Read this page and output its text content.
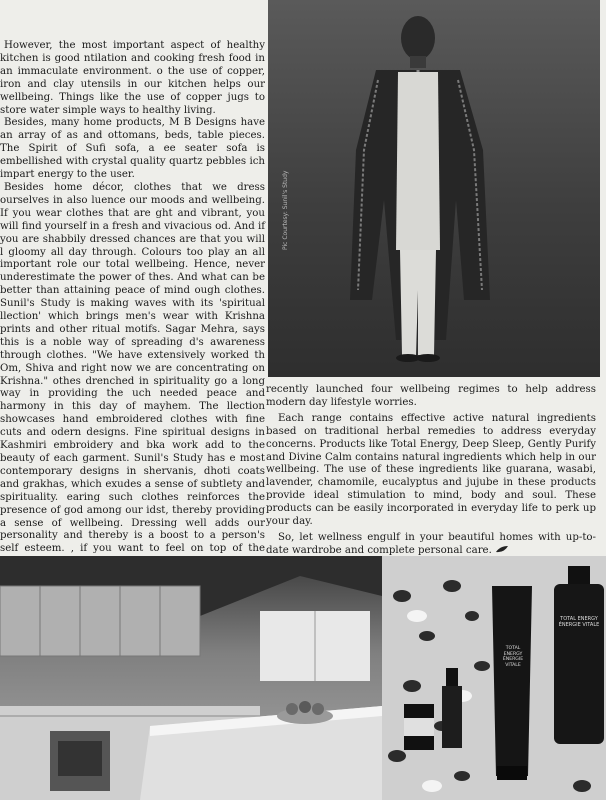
However, the most important aspect of healthy kitchen is good ntilation and cooking fresh food in an immaculate environment. o the use of copper, iron and clay utensils in our kitchen helps our wellbeing. Things like the use of copper jugs to store water simple ways to healthy living.

Besides, many home products, M B Designs have an array of as and ottomans, beds, table pieces. The Spirit of Sufi sofa, a ee seater sofa is embellished with crystal quality quartz pebbles ich impart energy to the user.

Besides home décor, clothes that we dress ourselves in also luence our moods and wellbeing. If you wear clothes that are ght and vibrant, you will find yourself in a fresh and vivacious od. And if you are shabbily dressed chances are that you will l gloomy all day through. Colours too play an all important role our total wellbeing. Hence, never underestimate the power of thes. And what can be better than attaining peace of mind ough clothes. Sunil's Study is making waves with its 'spiritual llection' which brings men's wear with Krishna prints and other ritual motifs. Sagar Mehra, says this is a noble way of spreading d's awareness through clothes. "We have extensively worked th Om, Shiva and right now we are concentrating on Krishna." othes drenched in spirituality go a long way in providing the uch needed peace and harmony in this day of mayhem. The llection showcases hand embroidered clothes with fine cuts and odern designs. Fine spiritual designs in Kashmiri embroidery and bka work add to the beauty of each garment. Sunil's Study has e most contemporary designs in shervanis, dhoti coats and grakhas, which exudes a sense of subtlety and spirituality. earing such clothes reinforces the presence of god among our idst, thereby providing a sense of wellbeing. Dressing well adds our personality and thereby is a boost to a person's self esteem. , if you want to feel on top of the

Pic Courtesy: Sunil's Study

recently launched four wellbeing regimes to help address modern day lifestyle worries.

Each range contains effective active natural ingredients based on traditional herbal remedies to address everyday concerns. Products like Total Energy, Deep Sleep, Gently Purify and Divine Calm contains natural ingredients which help in our wellbeing. The use of these ingredients like guarana, wasabi, lavender, chamomile, eucalyptus and jujube in these products provide ideal stimulation to mind, body and soul. These products can be easily incorporated in everyday life to perk up your day.

So, let wellness engulf in your beautiful homes with up-to-date wardrobe and complete personal care.

TOTAL ENERGY
ÉNERGIE VITALE
TOTAL ENERGY
ÉNERGIE VITALE
